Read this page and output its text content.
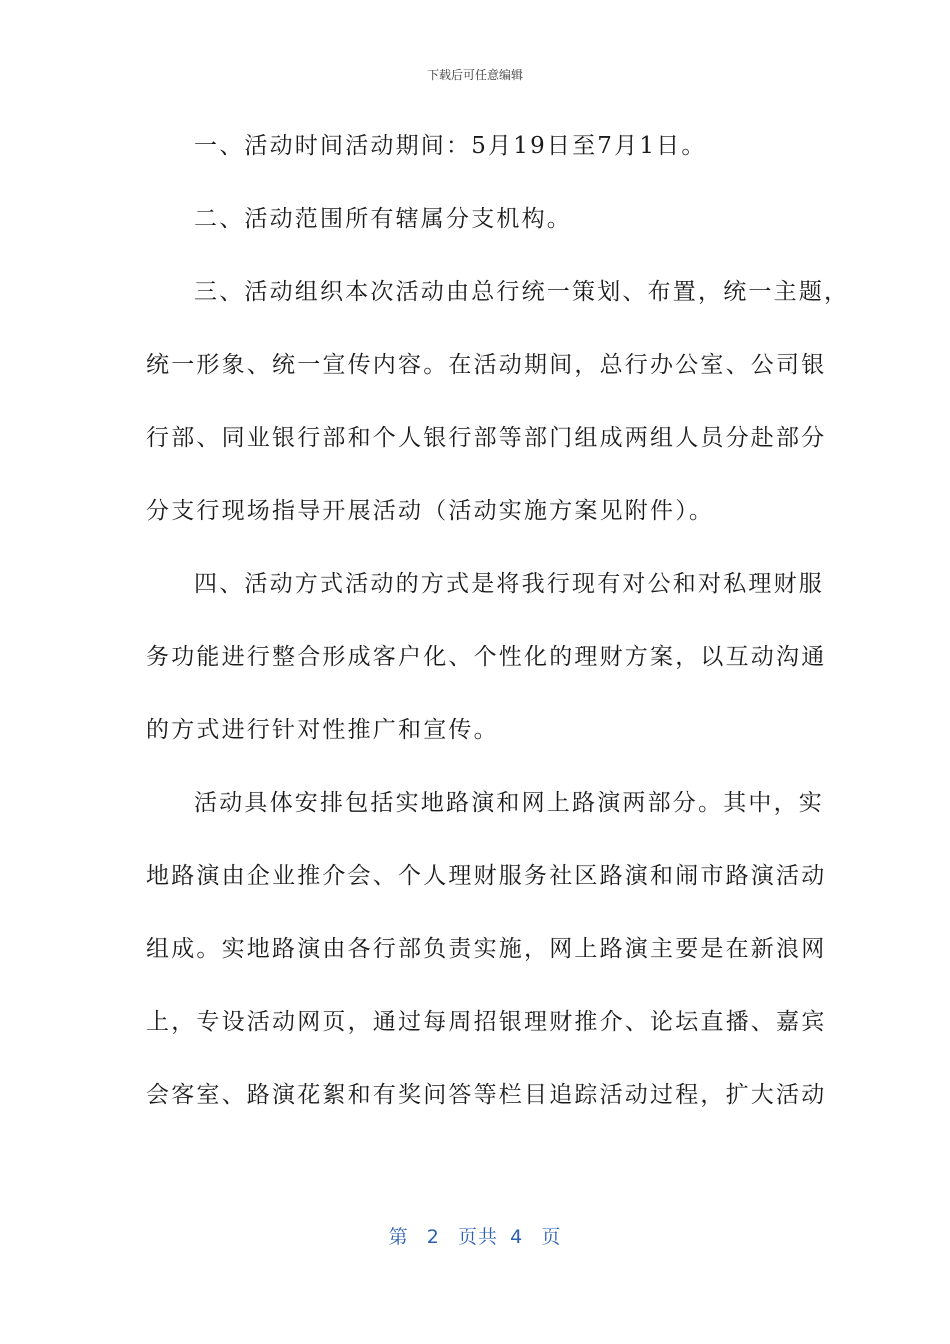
下载后可任意编辑
一、活动时间活动期间：5月19日至7月1日。
二、活动范围所有辖属分支机构。
三、活动组织本次活动由总行统一策划、布置，统一主题，
统一形象、统一宣传内容。在活动期间，总行办公室、公司银
行部、同业银行部和个人银行部等部门组成两组人员分赴部分
分支行现场指导开展活动（活动实施方案见附件）。
四、活动方式活动的方式是将我行现有对公和对私理财服
务功能进行整合形成客户化、个性化的理财方案，以互动沟通
的方式进行针对性推广和宣传。
活动具体安排包括实地路演和网上路演两部分。其中，实
地路演由企业推介会、个人理财服务社区路演和闹市路演活动
组成。实地路演由各行部负责实施，网上路演主要是在新浪网
上，专设活动网页，通过每周招银理财推介、论坛直播、嘉宾
会客室、路演花絮和有奖问答等栏目追踪活动过程，扩大活动
第 2 页共 4 页
